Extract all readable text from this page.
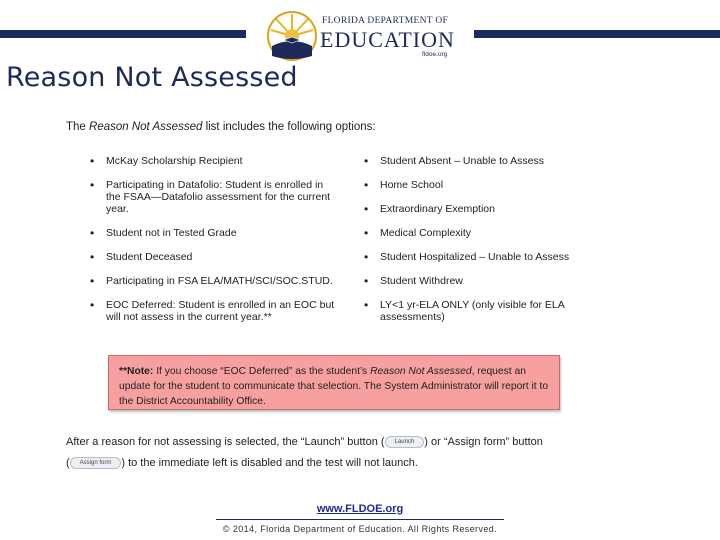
FLORIDA DEPARTMENT OF
EDUCATION
fldoe.org
Reason Not Assessed
The Reason Not Assessed list includes the following options:
• McKay Scholarship Recipient
• Participating in Datafolio: Student is enrolled in the FSAA—Datafolio assessment for the current year.
• Student not in Tested Grade
• Student Deceased
• Participating in FSA ELA/MATH/SCI/SOC.STUD.
• EOC Deferred: Student is enrolled in an EOC but will not assess in the current year.**
• Student Absent – Unable to Assess
• Home School
• Extraordinary Exemption
• Medical Complexity
• Student Hospitalized – Unable to Assess
• Student Withdrew
• LY<1 yr-ELA ONLY (only visible for ELA assessments)
**Note: If you choose “EOC Deferred” as the student’s Reason Not Assessed, request an update for the student to communicate that selection. The System Administrator will report it to the District Accountability Office.
After a reason for not assessing is selected, the “Launch” button ( Launch ) or “Assign form” button
( Assign form ) to the immediate left is disabled and the test will not launch.
www.FLDOE.org
© 2014, Florida Department of Education. All Rights Reserved.
